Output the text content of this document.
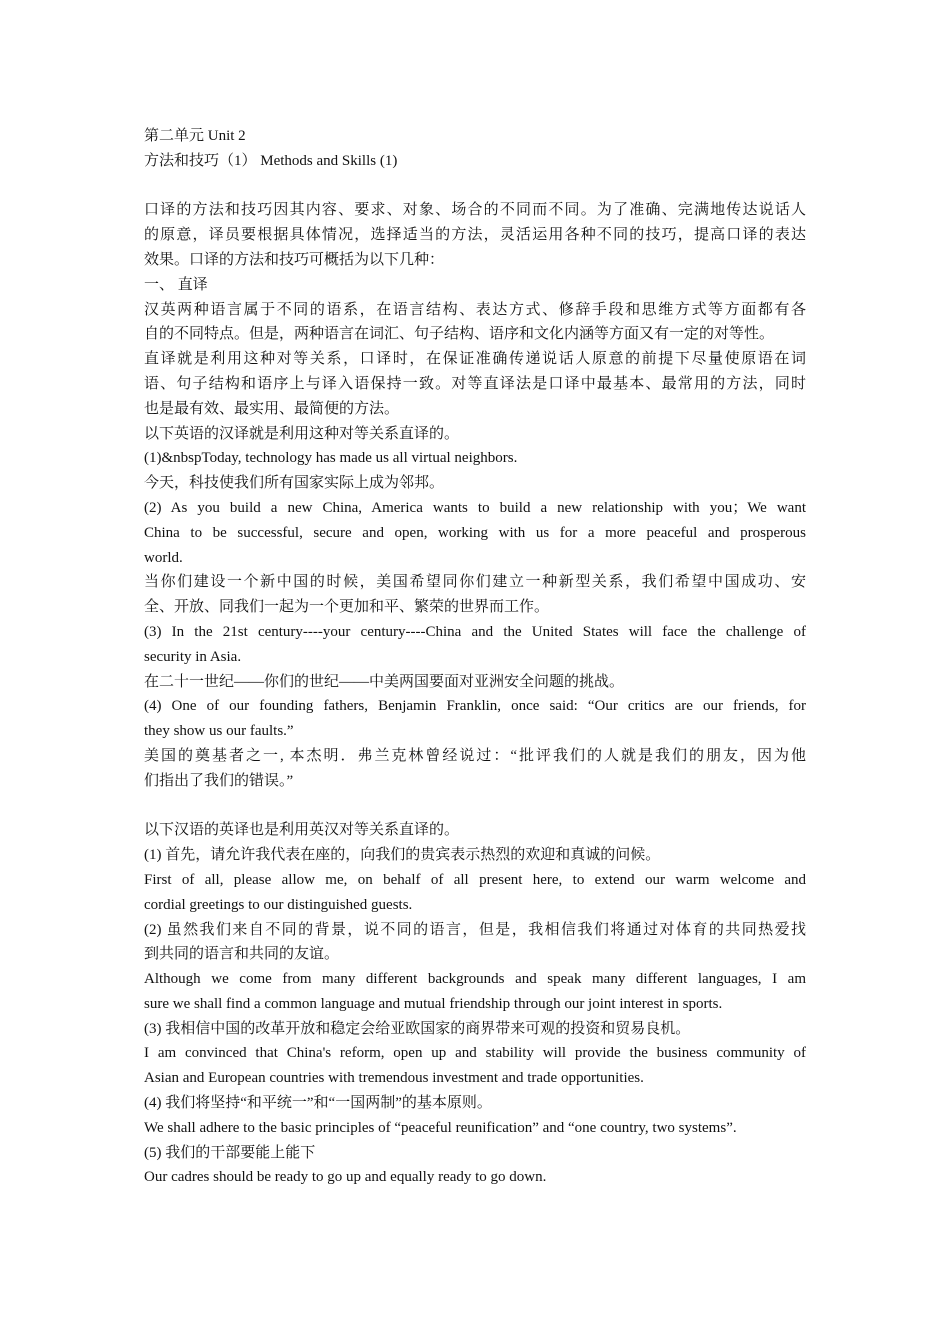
第二单元 Unit 2
方法和技巧（1） Methods and Skills (1)
口译的方法和技巧因其内容、要求、对象、场合的不同而不同。为了准确、完满地传达说话人
的原意，译员要根据具体情况，选择适当的方法，灵活运用各种不同的技巧，提高口译的表达
效果。口译的方法和技巧可概括为以下几种：
一、 直译
汉英两种语言属于不同的语系，在语言结构、表达方式、修辞手段和思维方式等方面都有各
自的不同特点。但是，两种语言在词汇、句子结构、语序和文化内涵等方面又有一定的对等性。
直译就是利用这种对等关系，口译时，在保证准确传递说话人原意的前提下尽量使原语在词
语、句子结构和语序上与译入语保持一致。对等直译法是口译中最基本、最常用的方法，同时
也是最有效、最实用、最简便的方法。
以下英语的汉译就是利用这种对等关系直译的。
(1)&nbspToday, technology has made us all virtual neighbors.
今天，科技使我们所有国家实际上成为邻邦。
(2) As you build a new China, America wants to build a new relationship with you；We want
China to be successful, secure and open, working with us for a more peaceful and prosperous
world.
当你们建设一个新中国的时候，美国希望同你们建立一种新型关系，我们希望中国成功、安
全、开放、同我们一起为一个更加和平、繁荣的世界而工作。
(3) In the 21st century----your century----China and the United States will face the challenge of
security in Asia.
在二十一世纪——你们的世纪——中美两国要面对亚洲安全问题的挑战。
(4) One of our founding fathers, Benjamin Franklin, once said: “Our critics are our friends, for
they show us our faults.”
美国的奠基者之一, 本杰明．弗兰克林曾经说过：“批评我们的人就是我们的朋友，因为他
们指出了我们的错误。”
以下汉语的英译也是利用英汉对等关系直译的。
(1) 首先，请允许我代表在座的，向我们的贵宾表示热烈的欢迎和真诚的问候。
First of all, please allow me, on behalf of all present here, to extend our warm welcome and
cordial greetings to our distinguished guests.
(2) 虽然我们来自不同的背景，说不同的语言，但是，我相信我们将通过对体育的共同热爱找
到共同的语言和共同的友谊。
Although we come from many different backgrounds and speak many different languages, I am
sure we shall find a common language and mutual friendship through our joint interest in sports.
(3) 我相信中国的改革开放和稳定会给亚欧国家的商界带来可观的投资和贸易良机。
I am convinced that China's reform, open up and stability will provide the business community of
Asian and European countries with tremendous investment and trade opportunities.
(4) 我们将坚持“和平统一”和“一国两制”的基本原则。
We shall adhere to the basic principles of “peaceful reunification” and “one country, two systems”.
(5) 我们的干部要能上能下
Our cadres should be ready to go up and equally ready to go down.
